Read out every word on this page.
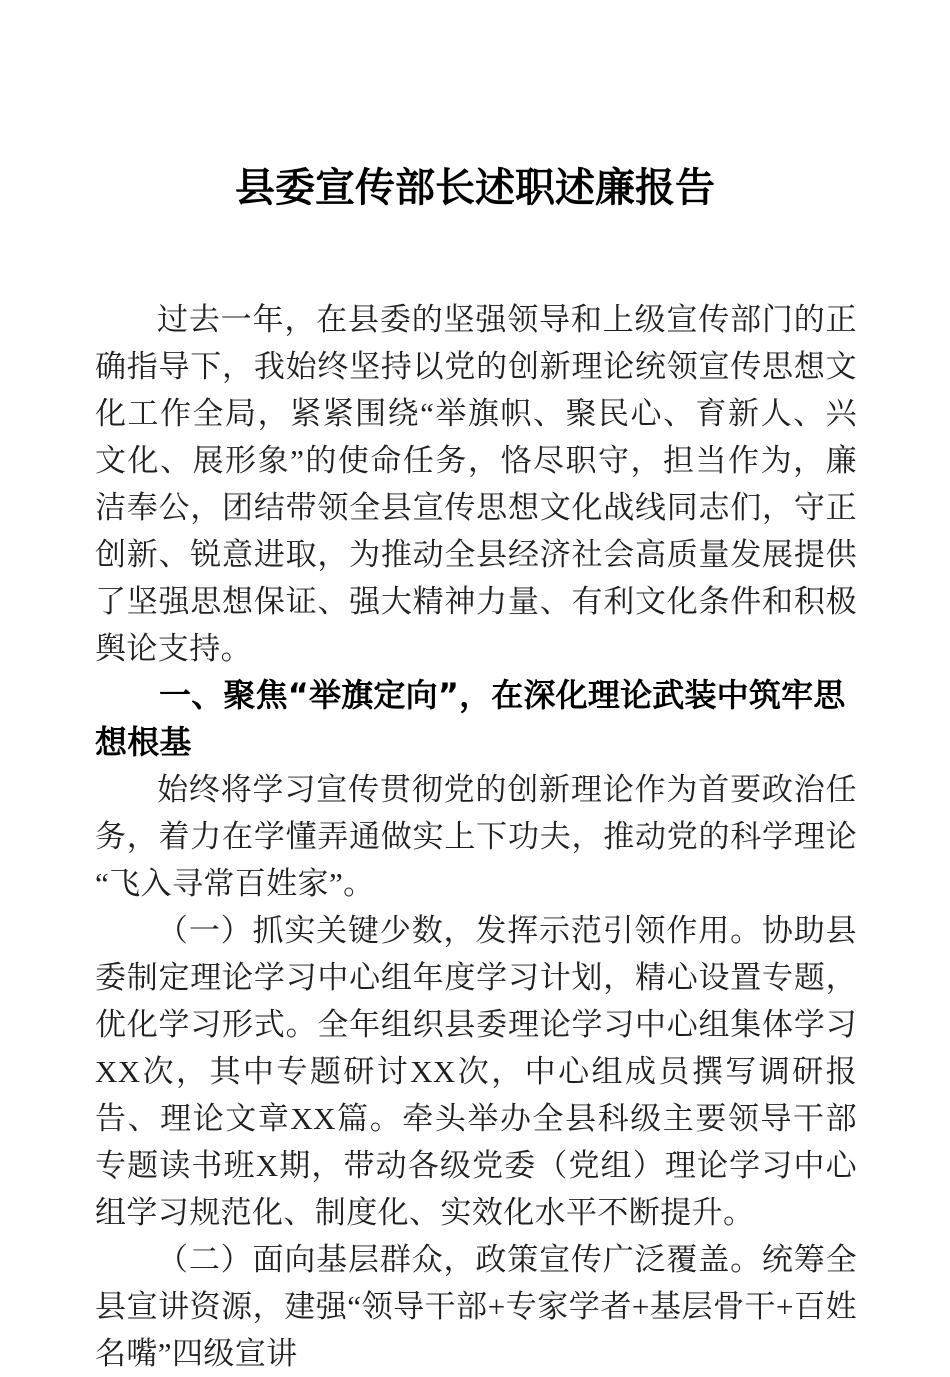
县委宣传部长述职述廉报告

过去一年，在县委的坚强领导和上级宣传部门的正确指导下，我始终坚持以党的创新理论统领宣传思想文化工作全局，紧紧围绕“举旗帜、聚民心、育新人、兴文化、展形象”的使命任务，恪尽职守，担当作为，廉洁奉公，团结带领全县宣传思想文化战线同志们，守正创新、锐意进取，为推动全县经济社会高质量发展提供了坚强思想保证、强大精神力量、有利文化条件和积极舆论支持。

一、聚焦“举旗定向”，在深化理论武装中筑牢思想根基

始终将学习宣传贯彻党的创新理论作为首要政治任务，着力在学懂弄通做实上下功夫，推动党的科学理论“飞入寻常百姓家”。

（一）抓实关键少数，发挥示范引领作用。协助县委制定理论学习中心组年度学习计划，精心设置专题，优化学习形式。全年组织县委理论学习中心组集体学习XX次，其中专题研讨XX次，中心组成员撰写调研报告、理论文章XX篇。牵头举办全县科级主要领导干部专题读书班X期，带动各级党委（党组）理论学习中心组学习规范化、制度化、实效化水平不断提升。

（二）面向基层群众，政策宣传广泛覆盖。统筹全县宣讲资源，建强“领导干部+专家学者+基层骨干+百姓名嘴”四级宣讲
